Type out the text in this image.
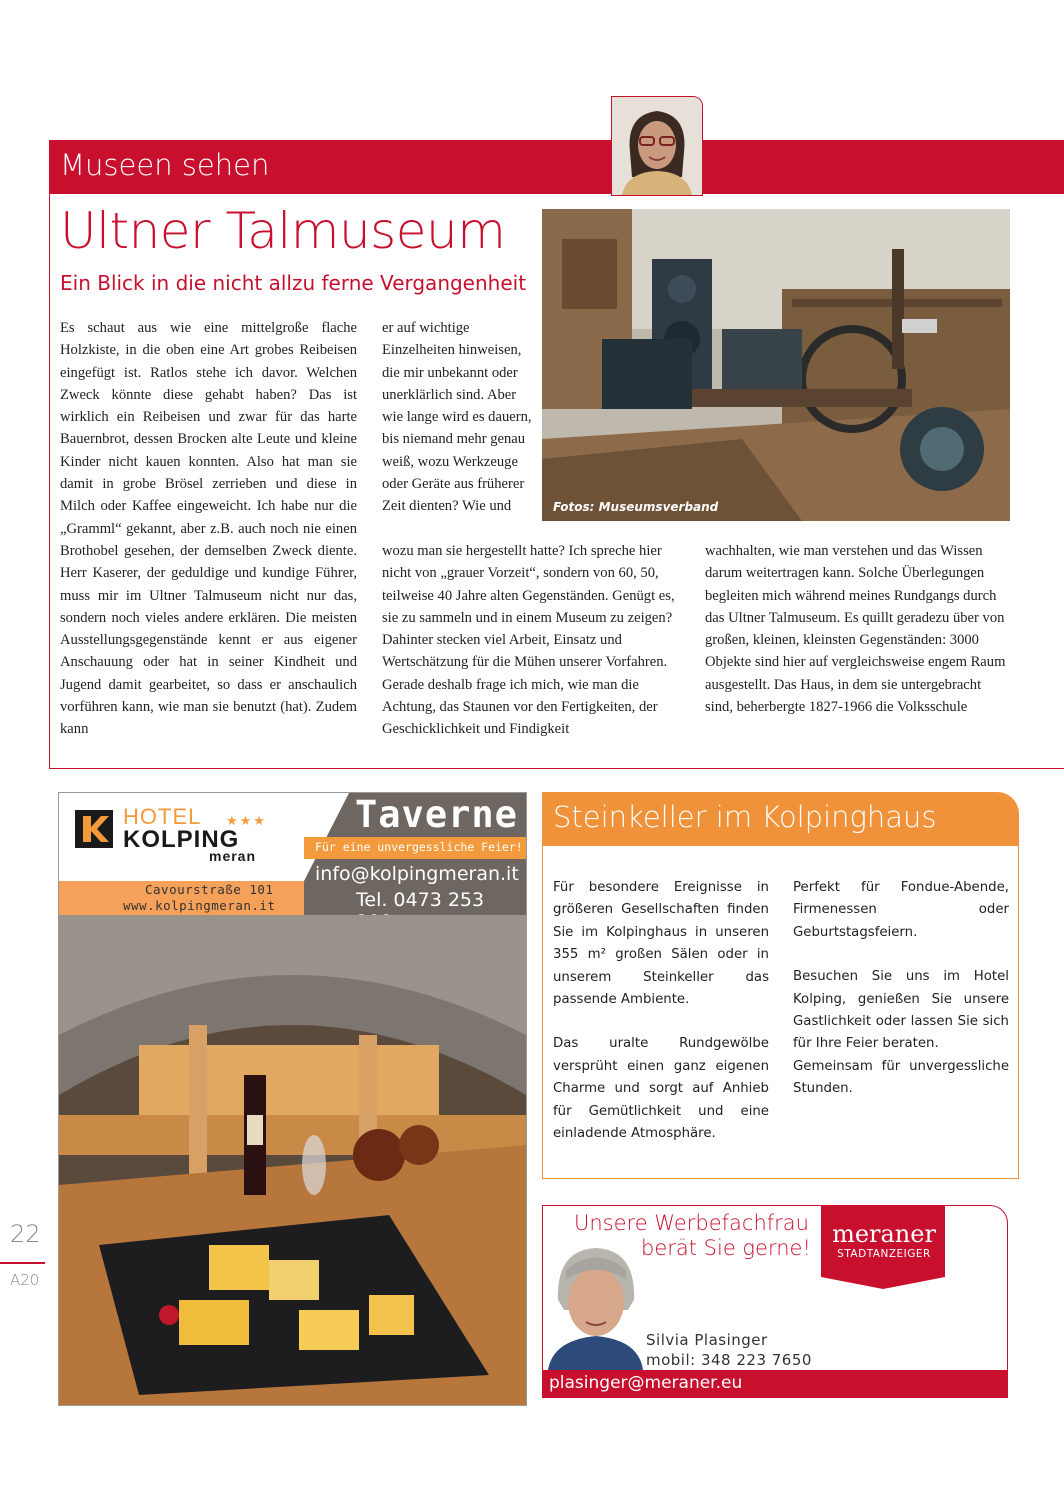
Museen sehen
Ultner Talmuseum
Ein Blick in die nicht allzu ferne Vergangenheit
Es schaut aus wie eine mittelgroße flache Holzkiste, in die oben eine Art grobes Reibeisen eingefügt ist. Ratlos stehe ich davor. Welchen Zweck könnte diese gehabt haben? Das ist wirklich ein Reibeisen und zwar für das harte Bauernbrot, dessen Brocken alte Leute und kleine Kinder nicht kauen konnten. Also hat man sie damit in grobe Brösel zerrieben und diese in Milch oder Kaffee eingeweicht. Ich habe nur die „Gramml“ gekannt, aber z.B. auch noch nie einen Brothobel gesehen, der demselben Zweck diente. Herr Kaserer, der geduldige und kundige Führer, muss mir im Ultner Talmuseum nicht nur das, sondern noch vieles andere erklären. Die meisten Ausstellungsgegenstände kennt er aus eigener Anschauung oder hat in seiner Kindheit und Jugend damit gearbeitet, so dass er anschaulich vorführen kann, wie man sie benutzt (hat). Zudem kann
er auf wichtige Einzelheiten hinweisen, die mir unbekannt oder unerklärlich sind. Aber wie lange wird es dauern, bis niemand mehr genau weiß, wozu Werkzeuge oder Geräte aus früherer Zeit dienten? Wie und
wozu man sie hergestellt hatte? Ich spreche hier nicht von „grauer Vorzeit“, sondern von 60, 50, teilweise 40 Jahre alten Gegenständen. Genügt es, sie zu sammeln und in einem Museum zu zeigen? Dahinter stecken viel Arbeit, Einsatz und Wertschätzung für die Mühen unserer Vorfahren. Gerade deshalb frage ich mich, wie man die Achtung, das Staunen vor den Fertigkeiten, der Geschicklichkeit und Findigkeit
wachhalten, wie man verstehen und das Wissen darum weitertragen kann. Solche Überlegungen begleiten mich während meines Rundgangs durch das Ultner Talmuseum. Es quillt geradezu über von großen, kleinen, kleinsten Gegenständen: 3000 Objekte sind hier auf vergleichsweise engem Raum ausgestellt. Das Haus, in dem sie untergebracht sind, beherbergte 1827-1966 die Volksschule
Fotos: Museumsverband
HOTEL ★★★
KOLPING
meran
Taverne
Für eine unvergessliche Feier!
info@kolpingmeran.it
Tel. 0473 253
Cavourstraße 101
www.kolpingmeran.it
Steinkeller im Kolpinghaus
Für besondere Ereignisse in größeren Gesellschaften finden Sie im Kolpinghaus in unseren 355 m² großen Sälen oder in unserem Steinkeller das passende Ambiente.
Das uralte Rundgewölbe versprüht einen ganz eigenen Charme und sorgt auf Anhieb für Gemütlichkeit und eine einladende Atmosphäre.
Perfekt für Fondue-Abende, Firmenessen oder Geburtstagsfeiern.
Besuchen Sie uns im Hotel Kolping, genießen Sie unsere Gastlichkeit oder lassen Sie sich für Ihre Feier beraten.
Gemeinsam für unvergessliche Stunden.
Unsere Werbefachfrau
berät Sie gerne! meraner
STADTANZEIGER
Silvia Plasinger
mobil: 348 223 7650
plasinger@meraner.eu
22
A20
